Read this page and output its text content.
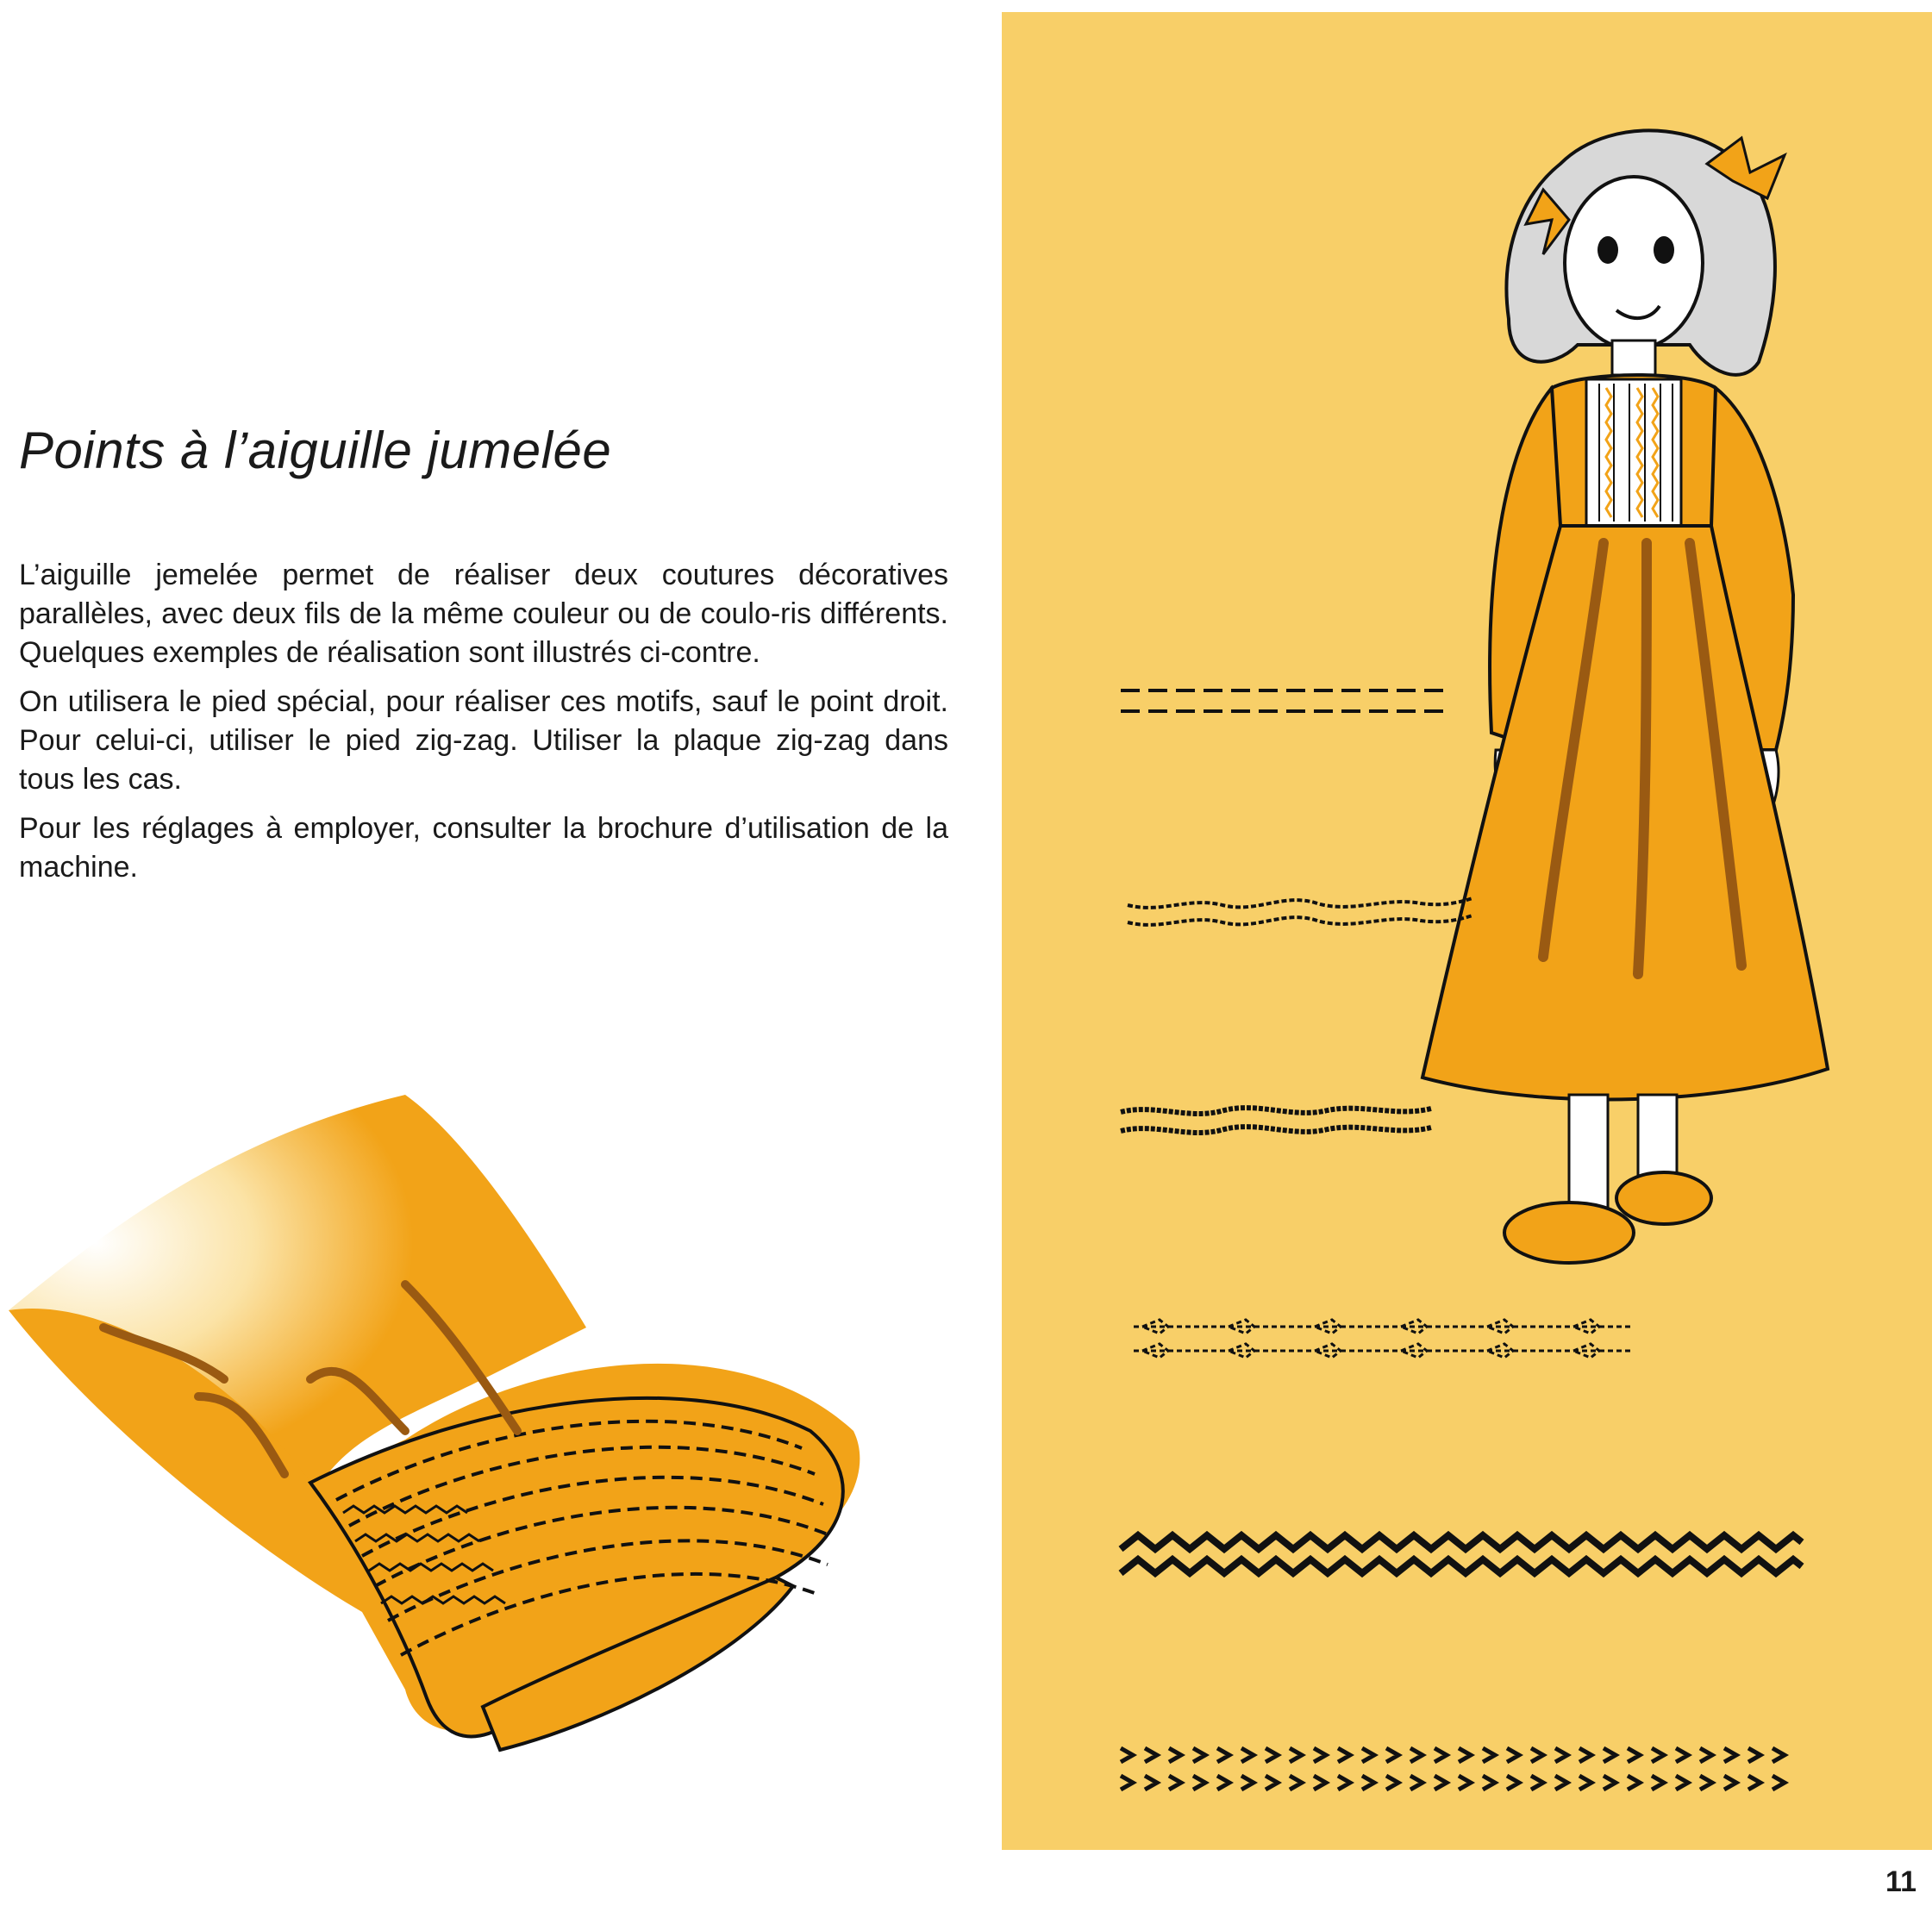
Points à l’aiguille jumelée

L’aiguille jemelée permet de réaliser deux coutures décoratives parallèles, avec deux fils de la même couleur ou de coulo-ris différents. Quelques exemples de réalisation sont illustrés ci-contre.

On utilisera le pied spécial, pour réaliser ces motifs, sauf le point droit. Pour celui-ci, utiliser le pied zig-zag. Utiliser la plaque zig-zag dans tous les cas.

Pour les réglages à employer, consulter la brochure d’utilisation de la machine.

11
